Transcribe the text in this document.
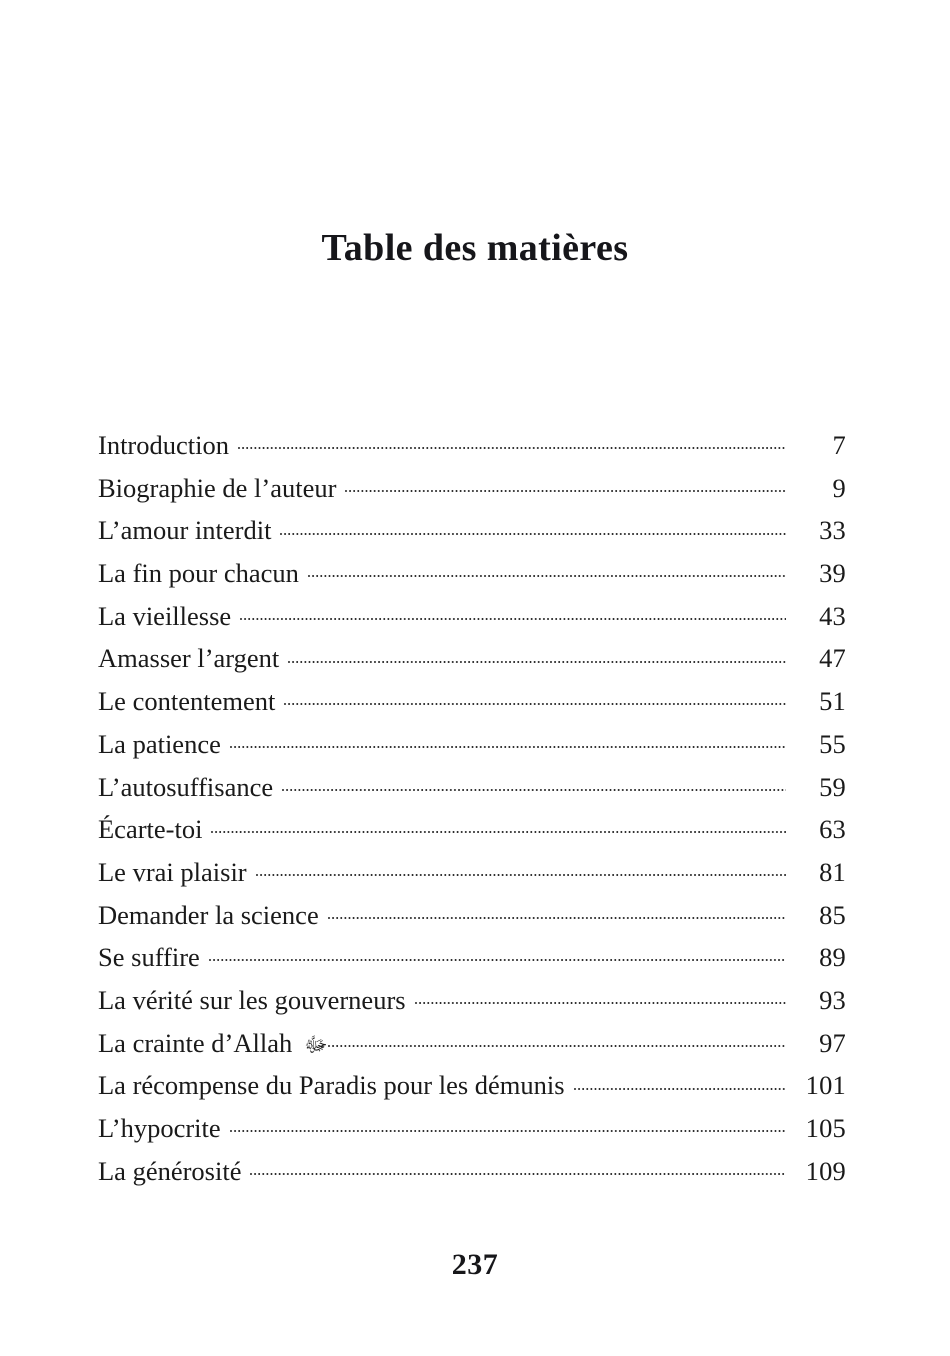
Table des matières
Introduction	7
Biographie de l’auteur	9
L’amour interdit	33
La fin pour chacun	39
La vieillesse	43
Amasser l’argent	47
Le contentement	51
La patience	55
L’autosuffisance	59
Écarte-toi	63
Le vrai plaisir	81
Demander la science	85
Se suffire	89
La vérité sur les gouverneurs	93
La crainte d’Allah ﷻ	97
La récompense du Paradis pour les démunis	101
L’hypocrite	105
La générosité	109
237
